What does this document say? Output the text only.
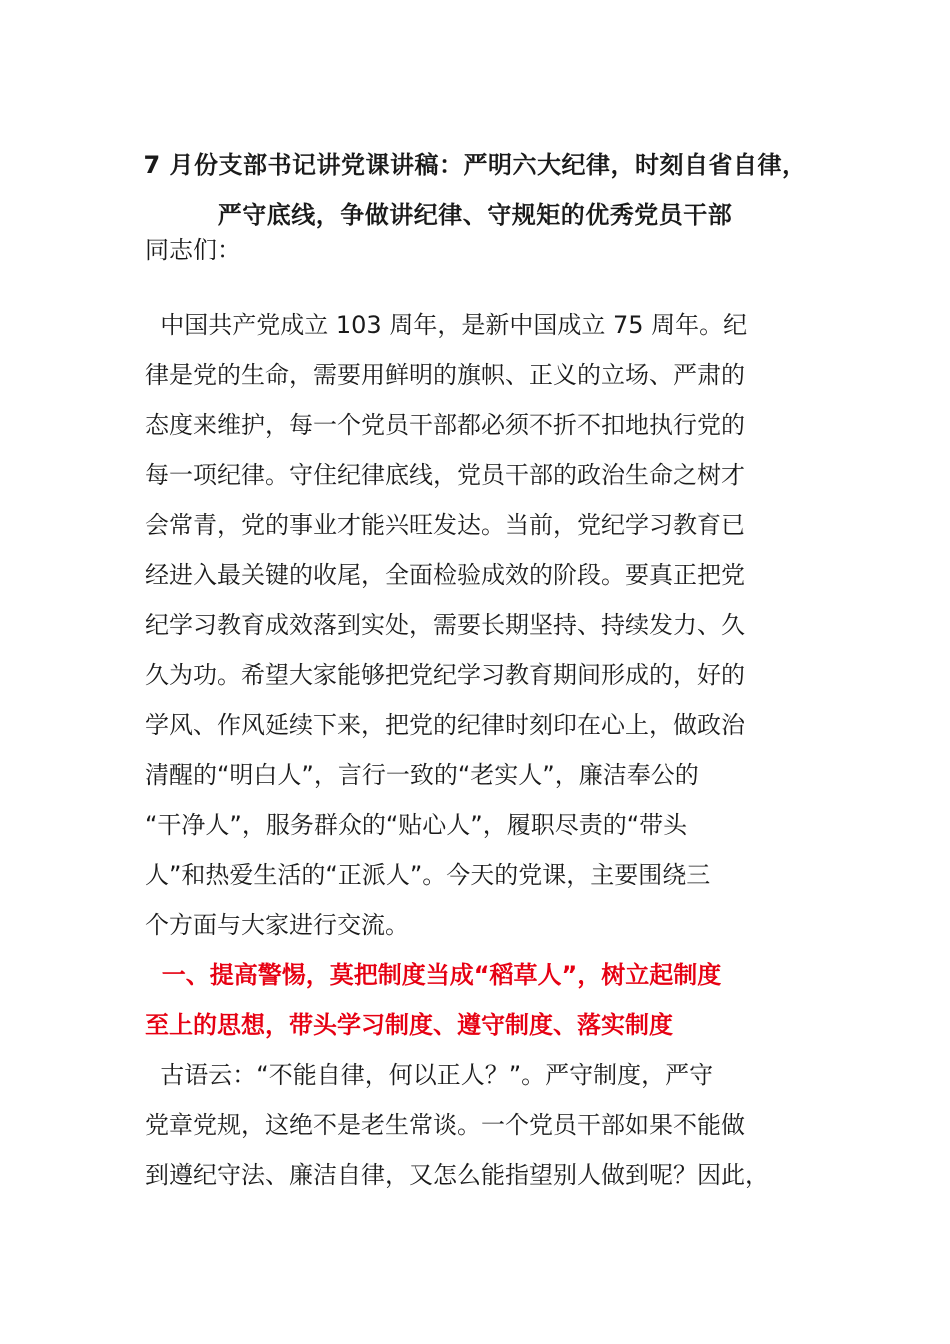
7 月份支部书记讲党课讲稿：严明六大纪律，时刻自省自律，
严守底线，争做讲纪律、守规矩的优秀党员干部
同志们：
中国共产党成立 103 周年，是新中国成立 75 周年。纪
律是党的生命，需要用鲜明的旗帜、正义的立场、严肃的
态度来维护，每一个党员干部都必须不折不扣地执行党的
每一项纪律。守住纪律底线，党员干部的政治生命之树才
会常青，党的事业才能兴旺发达。当前，党纪学习教育已
经进入最关键的收尾，全面检验成效的阶段。要真正把党
纪学习教育成效落到实处，需要长期坚持、持续发力、久
久为功。希望大家能够把党纪学习教育期间形成的，好的
学风、作风延续下来，把党的纪律时刻印在心上，做政治
清醒的“明白人”，言行一致的“老实人”，廉洁奉公的
“干净人”，服务群众的“贴心人”，履职尽责的“带头
人”和热爱生活的“正派人”。今天的党课，主要围绕三
个方面与大家进行交流。
一、提高警惕，莫把制度当成“稻草人”，树立起制度
至上的思想，带头学习制度、遵守制度、落实制度
古语云：“不能自律，何以正人？”。严守制度，严守
党章党规，这绝不是老生常谈。一个党员干部如果不能做
到遵纪守法、廉洁自律，又怎么能指望别人做到呢？因此，
